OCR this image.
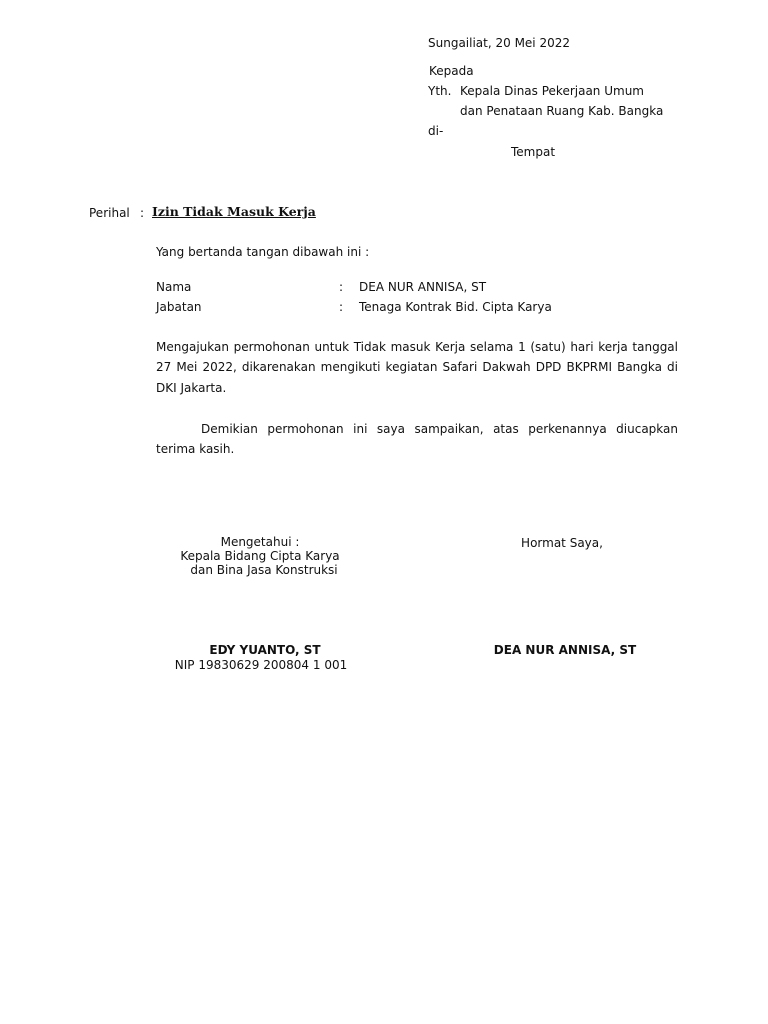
Sungailiat, 20 Mei 2022
Kepada
Yth. Kepala Dinas Pekerjaan Umum
dan Penataan Ruang Kab. Bangka
di-
Tempat
Perihal : Izin Tidak Masuk Kerja
Yang bertanda tangan dibawah ini :
Nama	: DEA NUR ANNISA, ST
Jabatan	: Tenaga Kontrak Bid. Cipta Karya
Mengajukan permohonan untuk Tidak masuk Kerja selama 1 (satu) hari kerja tanggal
27 Mei 2022, dikarenakan mengikuti kegiatan Safari Dakwah DPD BKPRMI Bangka di
DKI Jakarta.
Demikian permohonan ini saya sampaikan, atas perkenannya diucapkan
terima kasih.
Mengetahui :
Kepala Bidang Cipta Karya
dan Bina Jasa Konstruksi
EDY YUANTO, ST
NIP 19830629 200804 1 001
Hormat Saya,
DEA NUR ANNISA, ST
